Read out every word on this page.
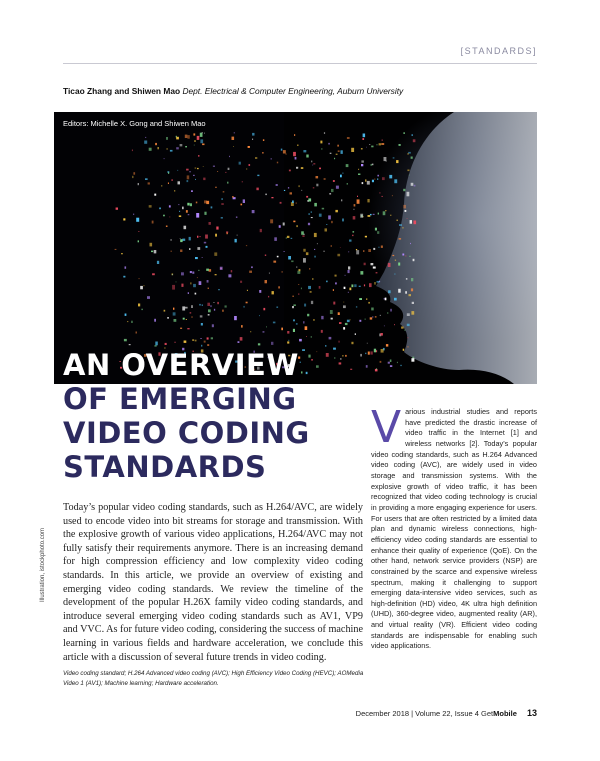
[STANDARDS]
Ticao Zhang and Shiwen Mao Dept. Electrical & Computer Engineering, Auburn University
Editors: Michelle X. Gong and Shiwen Mao
AN OVERVIEW
OF EMERGING
VIDEO CODING
STANDARDS

Today’s popular video coding standards, such as H.264/AVC, are widely used to encode video into bit streams for storage and transmission. With the explosive growth of various video applications, H.264/AVC may not fully satisfy their requirements anymore. There is an increasing demand for high compression efficiency and low complexity video coding standards. In this article, we provide an overview of existing and emerging video coding standards. We review the timeline of the development of the popular H.26X family video coding standards, and introduce several emerging video coding standards such as AV1, VP9 and VVC. As for future video coding, considering the success of machine learning in various fields and hardware acceleration, we conclude this article with a discussion of several future trends in video coding.

Video coding standard; H.264 Advanced video coding (AVC); High Efficiency Video Coding (HEVC); AOMedia Video 1 (AV1); Machine learning; Hardware acceleration.
Illustration, istockphoto.com

V arious industrial studies and reports have predicted the drastic increase of video traffic in the Internet [1] and wireless networks [2]. Today’s popular video coding standards, such as H.264 Advanced video coding (AVC), are widely used in video storage and transmission systems. With the explosive growth of video traffic, it has been recognized that video coding technology is crucial in providing a more engaging experience for users. For users that are often restricted by a limited data plan and dynamic wireless connections, high-efficiency video coding standards are essential to enhance their quality of experience (QoE). On the other hand, network service providers (NSP) are constrained by the scarce and expensive wireless spectrum, making it challenging to support emerging data-intensive video services, such as high-definition (HD) video, 4K ultra high definition (UHD), 360-degree video, augmented reality (AR), and virtual reality (VR). Efficient video coding standards are indispensable for enabling such video applications.

December 2018 | Volume 22, Issue 4 GetMobile 13
